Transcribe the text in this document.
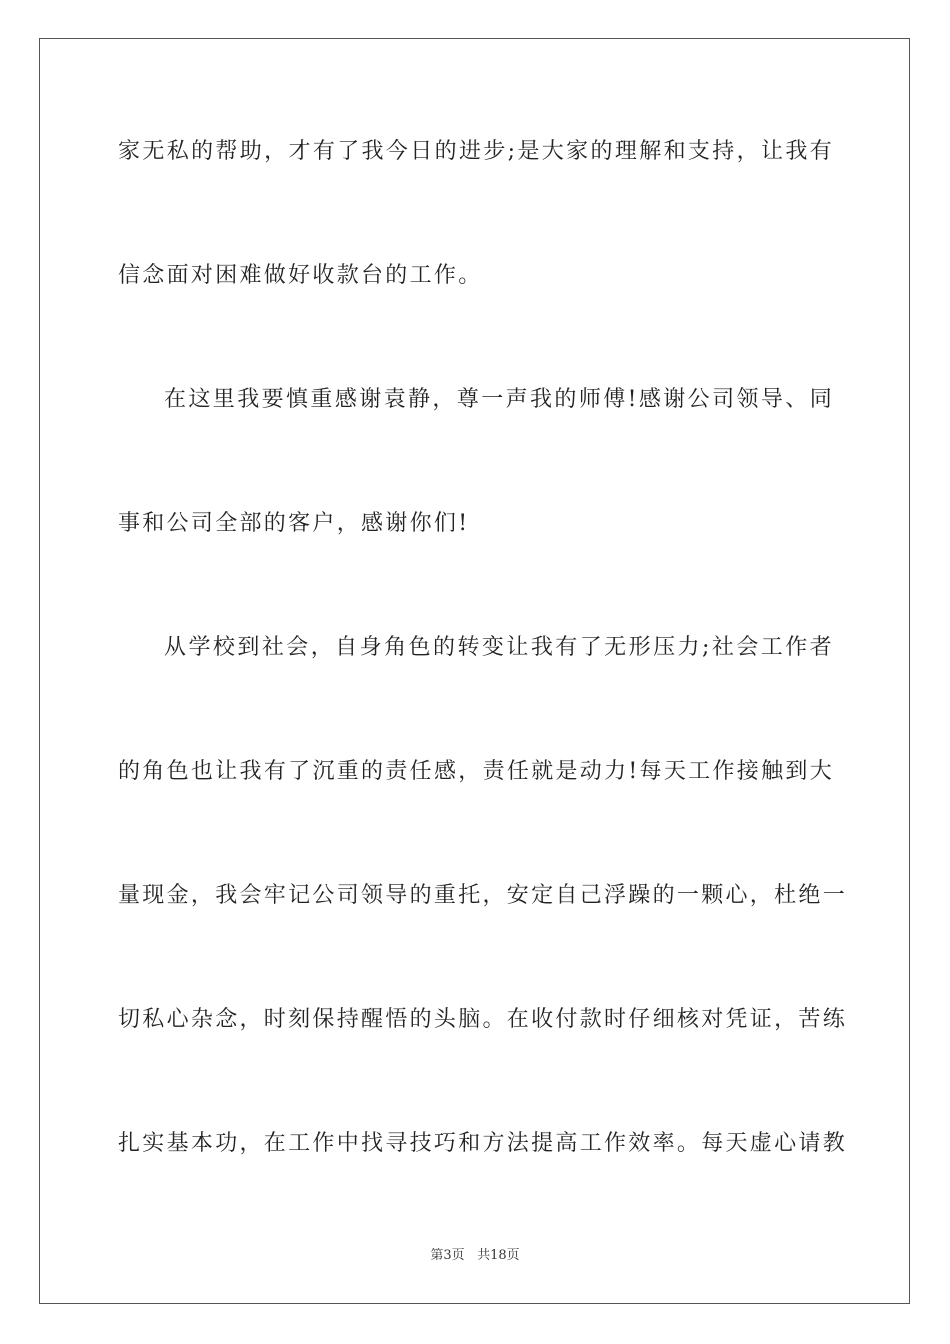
家无私的帮助，才有了我今日的进步;是大家的理解和支持，让我有
信念面对困难做好收款台的工作。
在这里我要慎重感谢袁静，尊一声我的师傅!感谢公司领导、同
事和公司全部的客户，感谢你们!
从学校到社会，自身角色的转变让我有了无形压力;社会工作者
的角色也让我有了沉重的责任感，责任就是动力!每天工作接触到大
量现金，我会牢记公司领导的重托，安定自己浮躁的一颗心，杜绝一
切私心杂念，时刻保持醒悟的头脑。在收付款时仔细核对凭证，苦练
扎实基本功，在工作中找寻技巧和方法提高工作效率。每天虚心请教
第3页 共18页
